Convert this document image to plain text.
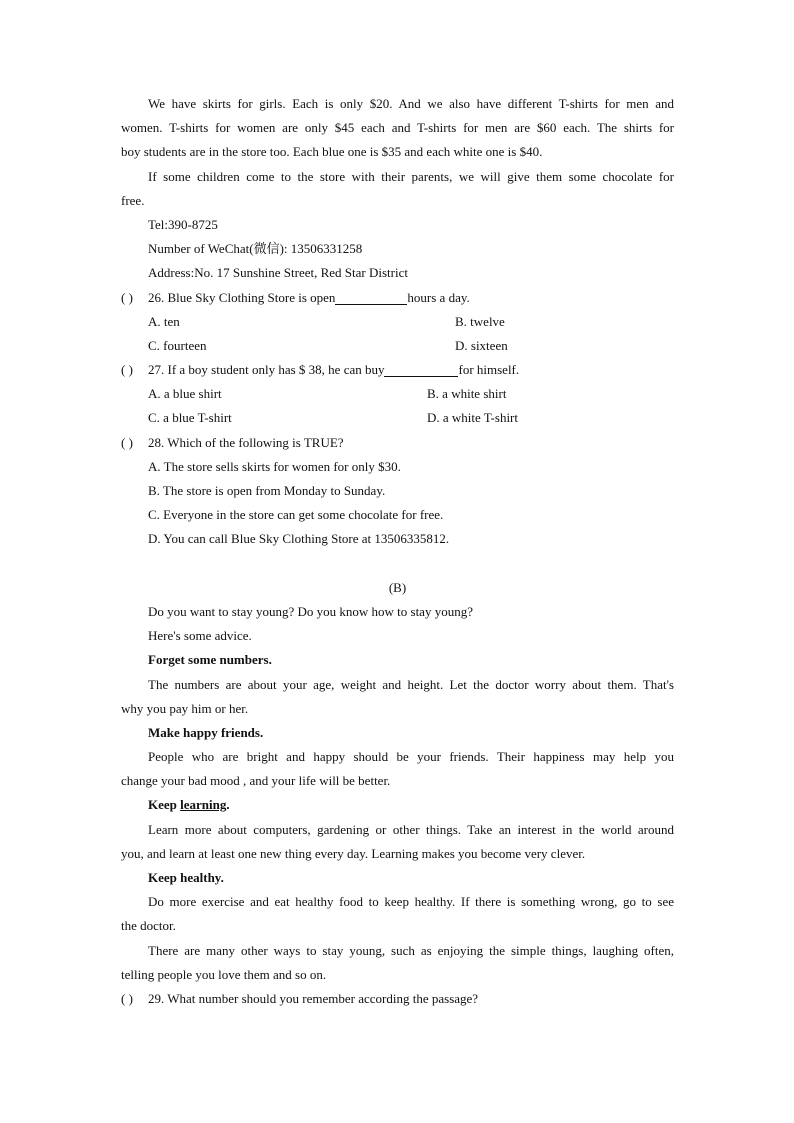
We have skirts for girls. Each is only $20. And we also have different T-shirts for men and
women. T-shirts for women are only $45 each and T-shirts for men are $60 each. The shirts for
boy students are in the store too. Each blue one is $35 and each white one is $40.
If some children come to the store with their parents, we will give them some chocolate for
free.
Tel:390-8725
Number of WeChat(微信): 13506331258
Address:No. 17 Sunshine Street, Red Star District
( ) 26. Blue Sky Clothing Store is open	hours a day.
A. ten	B. twelve
C. fourteen	D. sixteen
( ) 27. If a boy student only has $ 38, he can buy	for himself.
A. a blue shirt	B. a white shirt
C. a blue T-shirt	D. a white T-shirt
( ) 28. Which of the following is TRUE?
A. The store sells skirts for women for only $30.
B. The store is open from Monday to Sunday.
C. Everyone in the store can get some chocolate for free.
D. You can call Blue Sky Clothing Store at 13506335812.
(B)
Do you want to stay young? Do you know how to stay young?
Here's some advice.
Forget some numbers.
The numbers are about your age, weight and height. Let the doctor worry about them. That's
why you pay him or her.
Make happy friends.
People who are bright and happy should be your friends. Their happiness may help you
change your bad mood , and your life will be better.
Keep learning.
Learn more about computers, gardening or other things. Take an interest in the world around
you, and learn at least one new thing every day. Learning makes you become very clever.
Keep healthy.
Do more exercise and eat healthy food to keep healthy. If there is something wrong, go to see
the doctor.
There are many other ways to stay young, such as enjoying the simple things, laughing often,
telling people you love them and so on.
( ) 29. What number should you remember according the passage?
